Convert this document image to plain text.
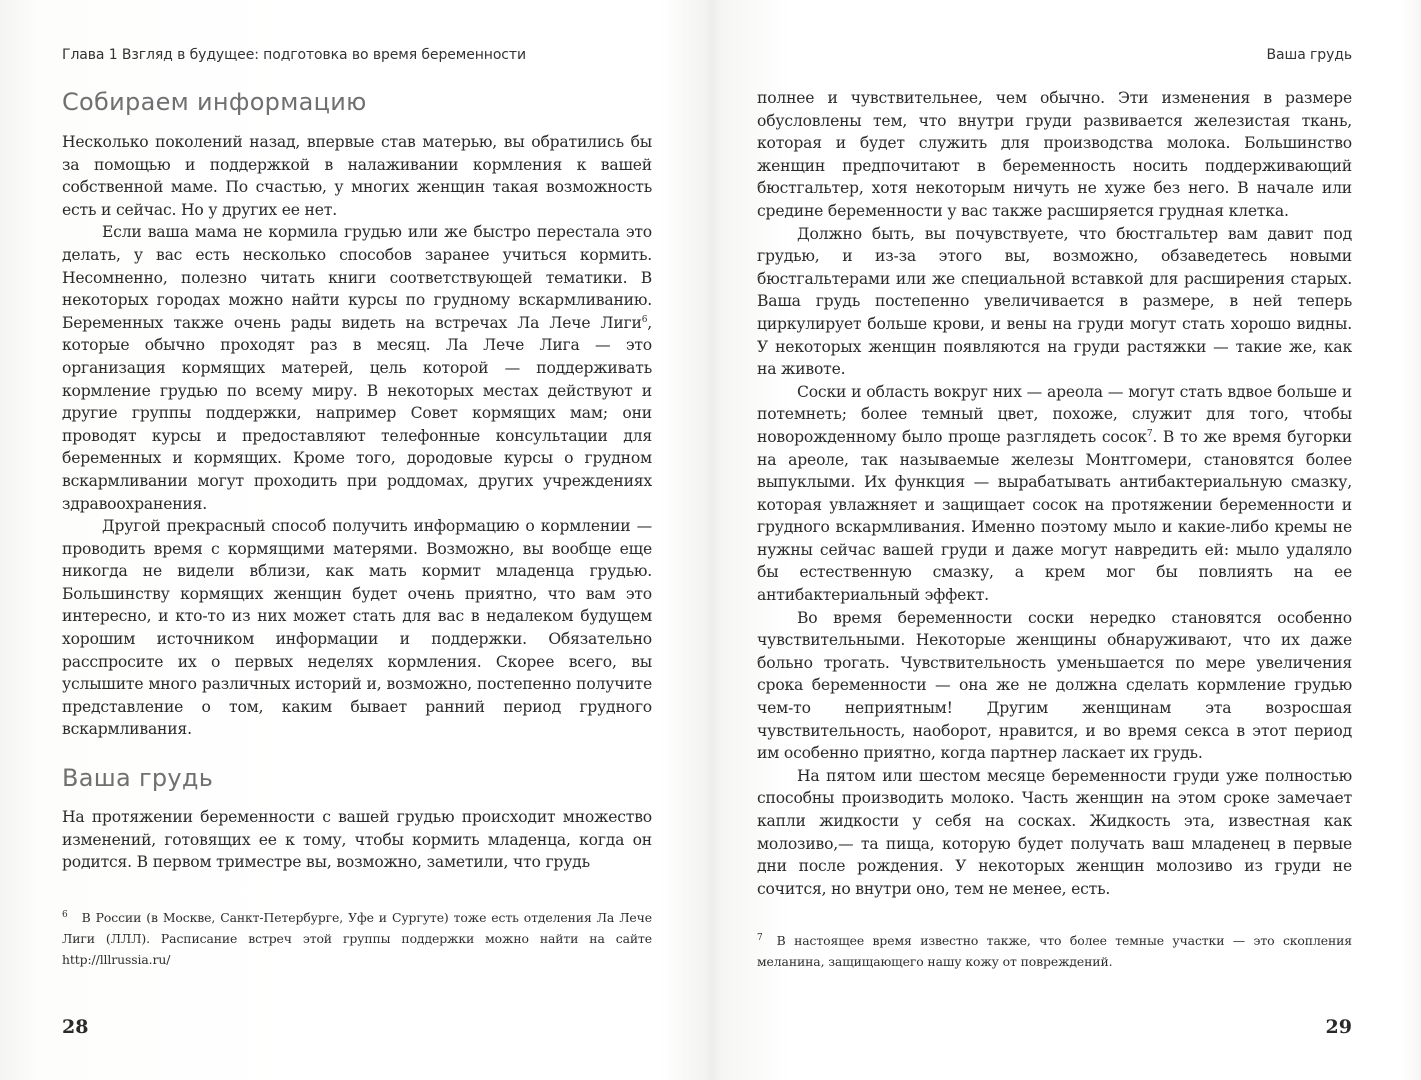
Глава 1 Взгляд в будущее: подготовка во время беременности
Собираем информацию

Несколько поколений назад, впервые став матерью, вы обратились бы за помощью и поддержкой в налаживании кормления к вашей собственной маме. По счастью, у многих женщин такая возможность есть и сейчас. Но у других ее нет.

Если ваша мама не кормила грудью или же быстро перестала это делать, у вас есть несколько способов заранее учиться кормить. Несомненно, полезно читать книги соответствующей тематики. В некоторых городах можно найти курсы по грудному вскармливанию. Беременных также очень рады видеть на встречах Ла Лече Лиги$^6$, которые обычно проходят раз в месяц. Ла Лече Лига — это организация кормящих матерей, цель которой — поддерживать кормление грудью по всему миру. В некоторых местах действуют и другие группы поддержки, например Совет кормящих мам; они проводят курсы и предоставляют телефонные консультации для беременных и кормящих. Кроме того, дородовые курсы о грудном вскармливании могут проходить при роддомах, других учреждениях здравоохранения.

Другой прекрасный способ получить информацию о кормлении — проводить время с кормящими матерями. Возможно, вы вообще еще никогда не видели вблизи, как мать кормит младенца грудью. Большинству кормящих женщин будет очень приятно, что вам это интересно, и кто-то из них может стать для вас в недалеком будущем хорошим источником информации и поддержки. Обязательно расспросите их о первых неделях кормления. Скорее всего, вы услышите много различных историй и, возможно, постепенно получите представление о том, каким бывает ранний период грудного вскармливания.

Ваша грудь

На протяжении беременности с вашей грудью происходит множество изменений, готовящих ее к тому, чтобы кормить младенца, когда он родится. В первом триместре вы, возможно, заметили, что грудь

$^6$ В России (в Москве, Санкт-Петербурге, Уфе и Сургуте) тоже есть отделения Ла Лече Лиги (ЛЛЛ). Расписание встреч этой группы поддержки можно найти на сайте http://lllrussia.ru/
28
Ваша грудь

полнее и чувствительнее, чем обычно. Эти изменения в размере обусловлены тем, что внутри груди развивается железистая ткань, которая и будет служить для производства молока. Большинство женщин предпочитают в беременность носить поддерживающий бюстгальтер, хотя некоторым ничуть не хуже без него. В начале или средине беременности у вас также расширяется грудная клетка.

Должно быть, вы почувствуете, что бюстгальтер вам давит под грудью, и из-за этого вы, возможно, обзаведетесь новыми бюстгальтерами или же специальной вставкой для расширения старых. Ваша грудь постепенно увеличивается в размере, в ней теперь циркулирует больше крови, и вены на груди могут стать хорошо видны. У некоторых женщин появляются на груди растяжки — такие же, как на животе.

Соски и область вокруг них — ареола — могут стать вдвое больше и потемнеть; более темный цвет, похоже, служит для того, чтобы новорожденному было проще разглядеть сосок$^7$. В то же время бугорки на ареоле, так называемые железы Монтгомери, становятся более выпуклыми. Их функция — вырабатывать антибактериальную смазку, которая увлажняет и защищает сосок на протяжении беременности и грудного вскармливания. Именно поэтому мыло и какие-либо кремы не нужны сейчас вашей груди и даже могут навредить ей: мыло удаляло бы естественную смазку, а крем мог бы повлиять на ее антибактериальный эффект.

Во время беременности соски нередко становятся особенно чувствительными. Некоторые женщины обнаруживают, что их даже больно трогать. Чувствительность уменьшается по мере увеличения срока беременности — она же не должна сделать кормление грудью чем-то неприятным! Другим женщинам эта возросшая чувствительность, наоборот, нравится, и во время секса в этот период им особенно приятно, когда партнер ласкает их грудь.

На пятом или шестом месяце беременности груди уже полностью способны производить молоко. Часть женщин на этом сроке замечает капли жидкости у себя на сосках. Жидкость эта, известная как молозиво,— та пища, которую будет получать ваш младенец в первые дни после рождения. У некоторых женщин молозиво из груди не сочится, но внутри оно, тем не менее, есть.

$^7$ В настоящее время известно также, что более темные участки — это скопления меланина, защищающего нашу кожу от повреждений.
29
